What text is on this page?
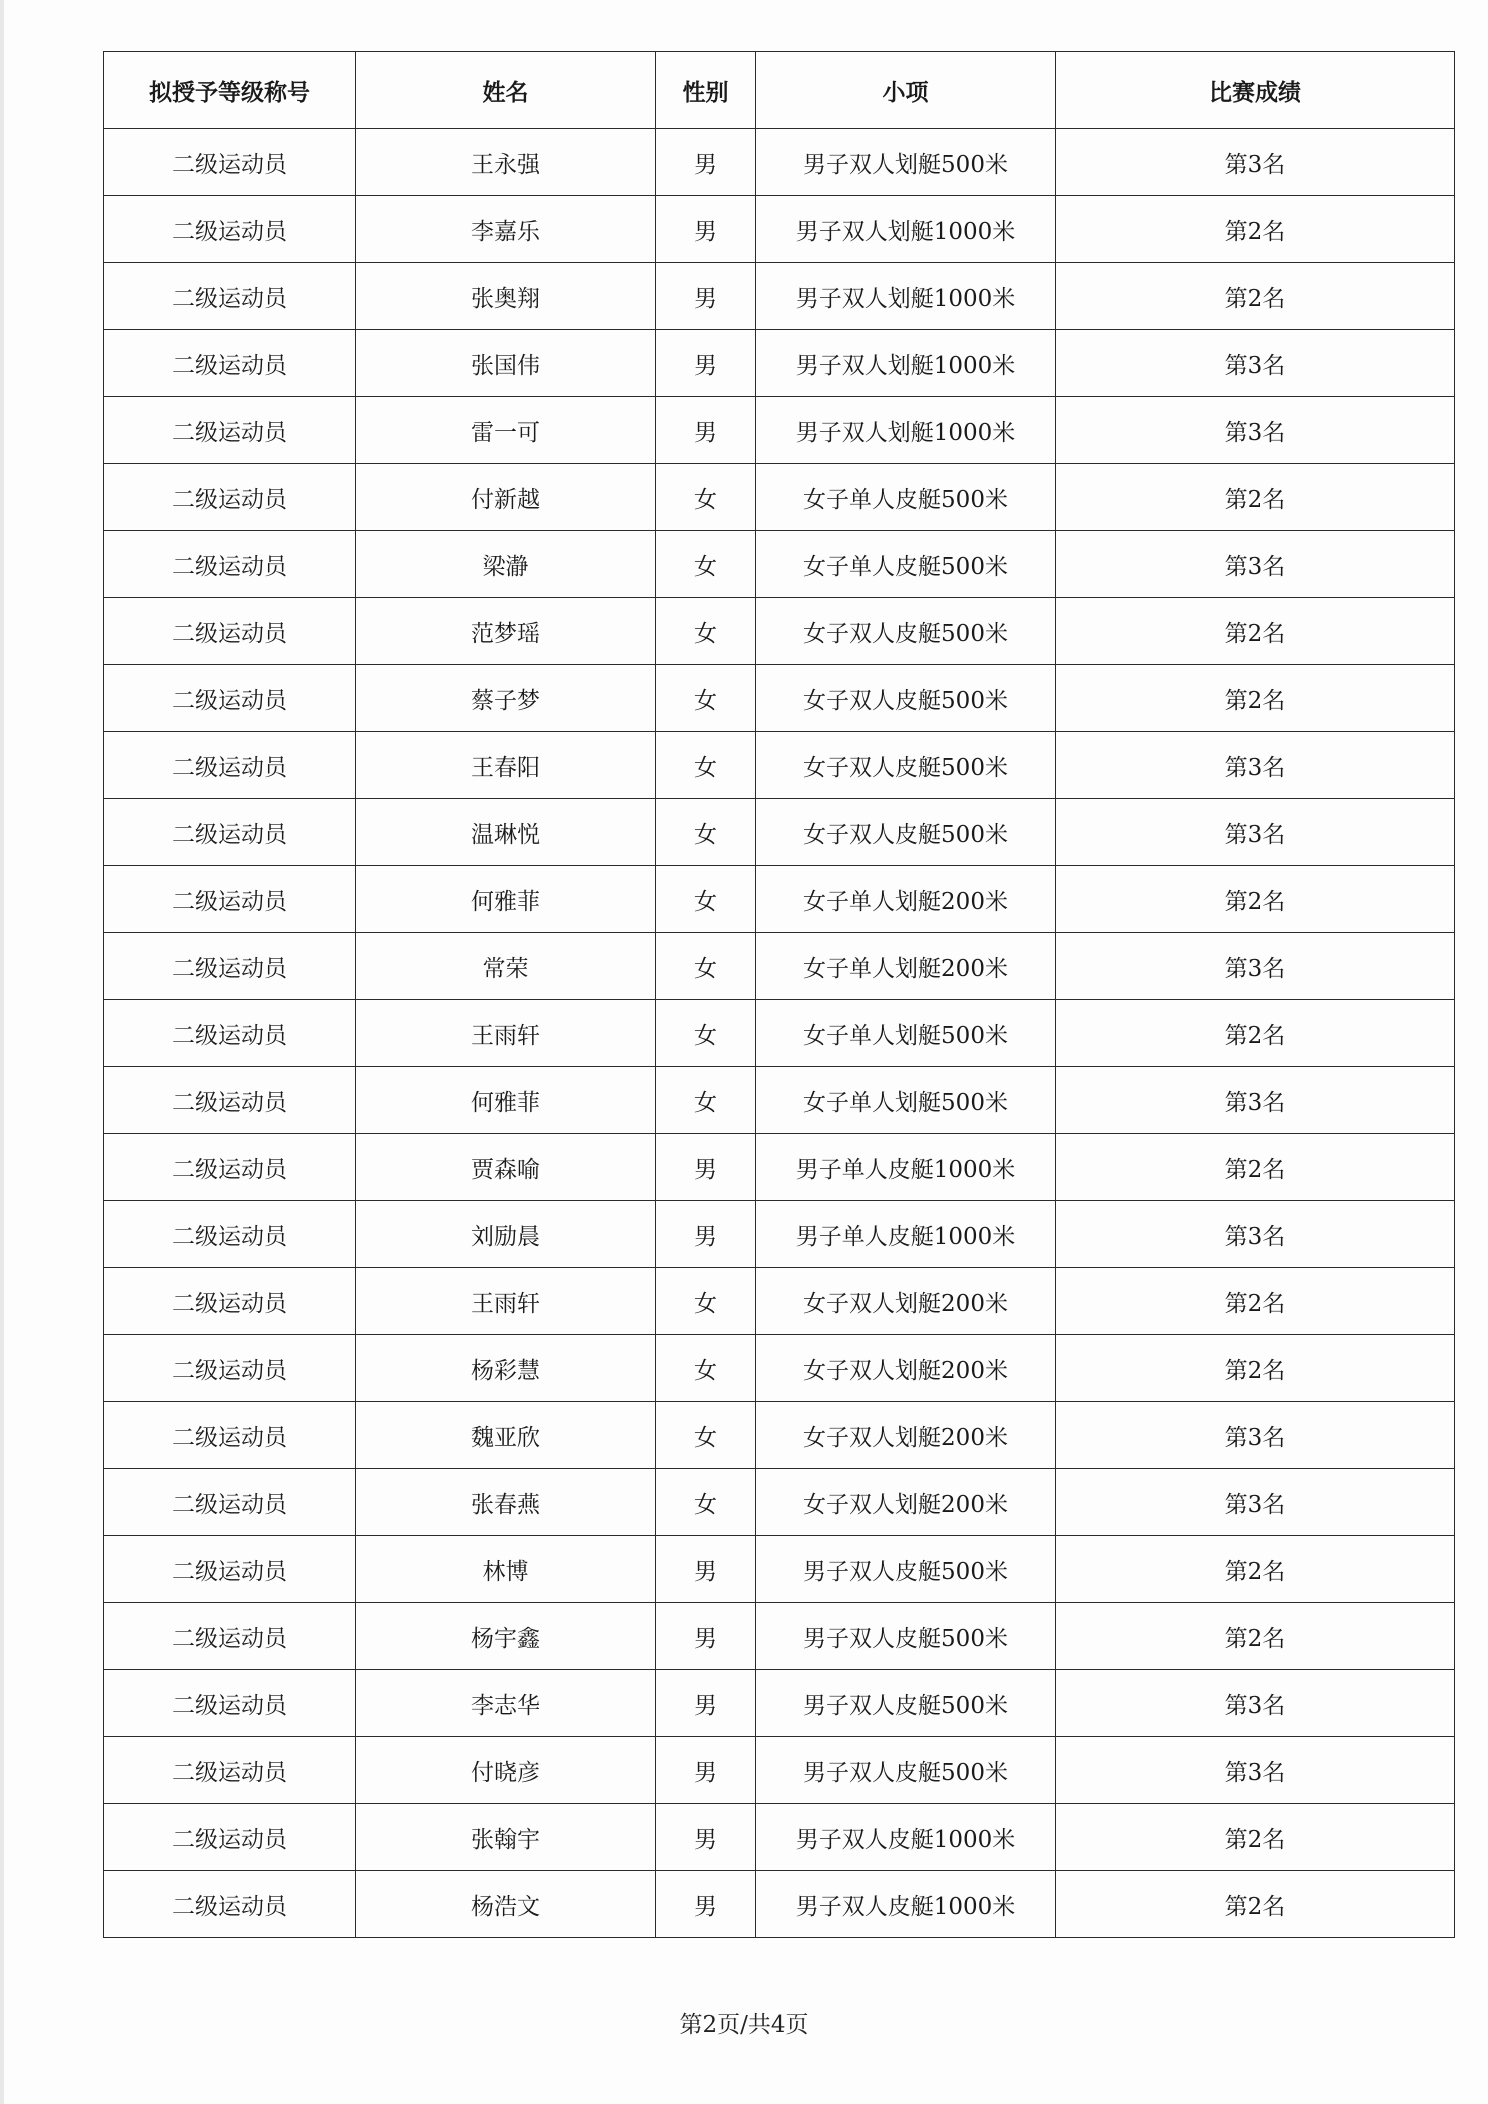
拟授予等级称号	姓名	性别	小项	比赛成绩
二级运动员	王永强	男	男子双人划艇500米	第3名
二级运动员	李嘉乐	男	男子双人划艇1000米	第2名
二级运动员	张奥翔	男	男子双人划艇1000米	第2名
二级运动员	张国伟	男	男子双人划艇1000米	第3名
二级运动员	雷一可	男	男子双人划艇1000米	第3名
二级运动员	付新越	女	女子单人皮艇500米	第2名
二级运动员	梁瀞	女	女子单人皮艇500米	第3名
二级运动员	范梦瑶	女	女子双人皮艇500米	第2名
二级运动员	蔡子梦	女	女子双人皮艇500米	第2名
二级运动员	王春阳	女	女子双人皮艇500米	第3名
二级运动员	温琳悦	女	女子双人皮艇500米	第3名
二级运动员	何雅菲	女	女子单人划艇200米	第2名
二级运动员	常荣	女	女子单人划艇200米	第3名
二级运动员	王雨轩	女	女子单人划艇500米	第2名
二级运动员	何雅菲	女	女子单人划艇500米	第3名
二级运动员	贾森喻	男	男子单人皮艇1000米	第2名
二级运动员	刘励晨	男	男子单人皮艇1000米	第3名
二级运动员	王雨轩	女	女子双人划艇200米	第2名
二级运动员	杨彩慧	女	女子双人划艇200米	第2名
二级运动员	魏亚欣	女	女子双人划艇200米	第3名
二级运动员	张春燕	女	女子双人划艇200米	第3名
二级运动员	林博	男	男子双人皮艇500米	第2名
二级运动员	杨宇鑫	男	男子双人皮艇500米	第2名
二级运动员	李志华	男	男子双人皮艇500米	第3名
二级运动员	付晓彦	男	男子双人皮艇500米	第3名
二级运动员	张翰宇	男	男子双人皮艇1000米	第2名
二级运动员	杨浩文	男	男子双人皮艇1000米	第2名
第2页/共4页
